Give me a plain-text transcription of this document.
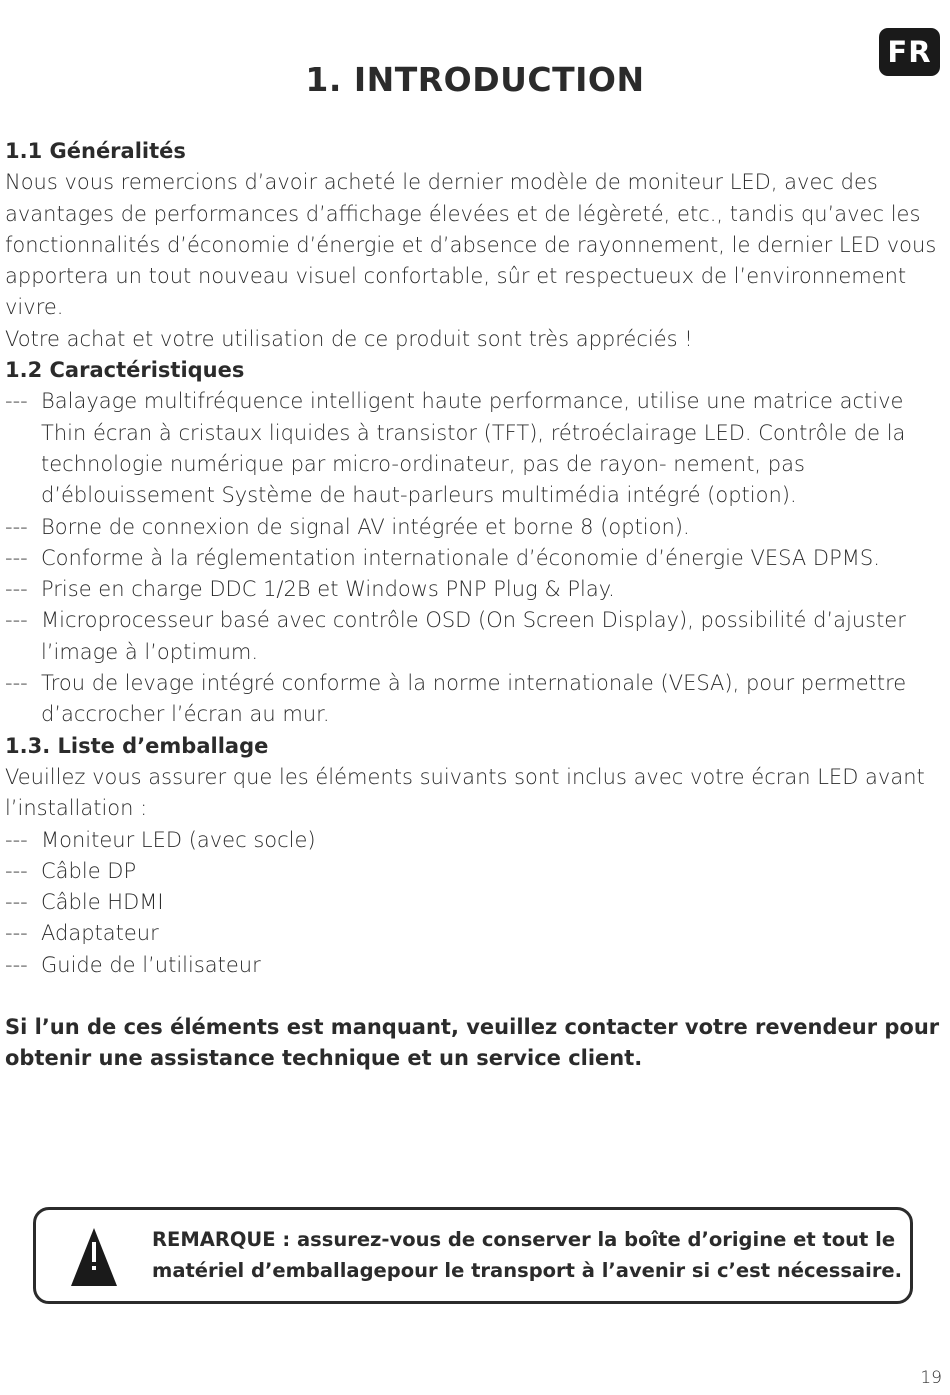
FR
1. INTRODUCTION

1.1 Généralités

Nous vous remercions d’avoir acheté le dernier modèle de moniteur LED, avec des avantages de performances d’affichage élevées et de légèreté, etc., tandis qu’avec les fonctionnalités d’économie d’énergie et d’absence de rayonnement, le dernier LED vous apportera un tout nouveau visuel confortable, sûr et respectueux de l’environnement vivre.

Votre achat et votre utilisation de ce produit sont très appréciés !

1.2 Caractéristiques

--- Balayage multifréquence intelligent haute performance, utilise une matrice active Thin écran à cristaux liquides à transistor (TFT), rétroéclairage LED. Contrôle de la technologie numérique par micro-ordinateur, pas de rayon- nement, pas d’éblouissement Système de haut-parleurs multimédia intégré (option).
--- Borne de connexion de signal AV intégrée et borne 8 (option).
--- Conforme à la réglementation internationale d’économie d’énergie VESA DPMS.
--- Prise en charge DDC 1/2B et Windows PNP Plug & Play.
--- Microprocesseur basé avec contrôle OSD (On Screen Display), possibilité d’ajuster l’image à l’optimum.
--- Trou de levage intégré conforme à la norme internationale (VESA), pour permettre d’accrocher l’écran au mur.

1.3. Liste d’emballage

Veuillez vous assurer que les éléments suivants sont inclus avec votre écran LED avant l’installation :

--- Moniteur LED (avec socle)
--- Câble DP
--- Câble HDMI
--- Adaptateur
--- Guide de l’utilisateur

Si l’un de ces éléments est manquant, veuillez contacter votre revendeur pour obtenir une assistance technique et un service client.

REMARQUE : assurez-vous de conserver la boîte d’origine et tout le matériel d’emballagepour le transport à l’avenir si c’est nécessaire.
19
